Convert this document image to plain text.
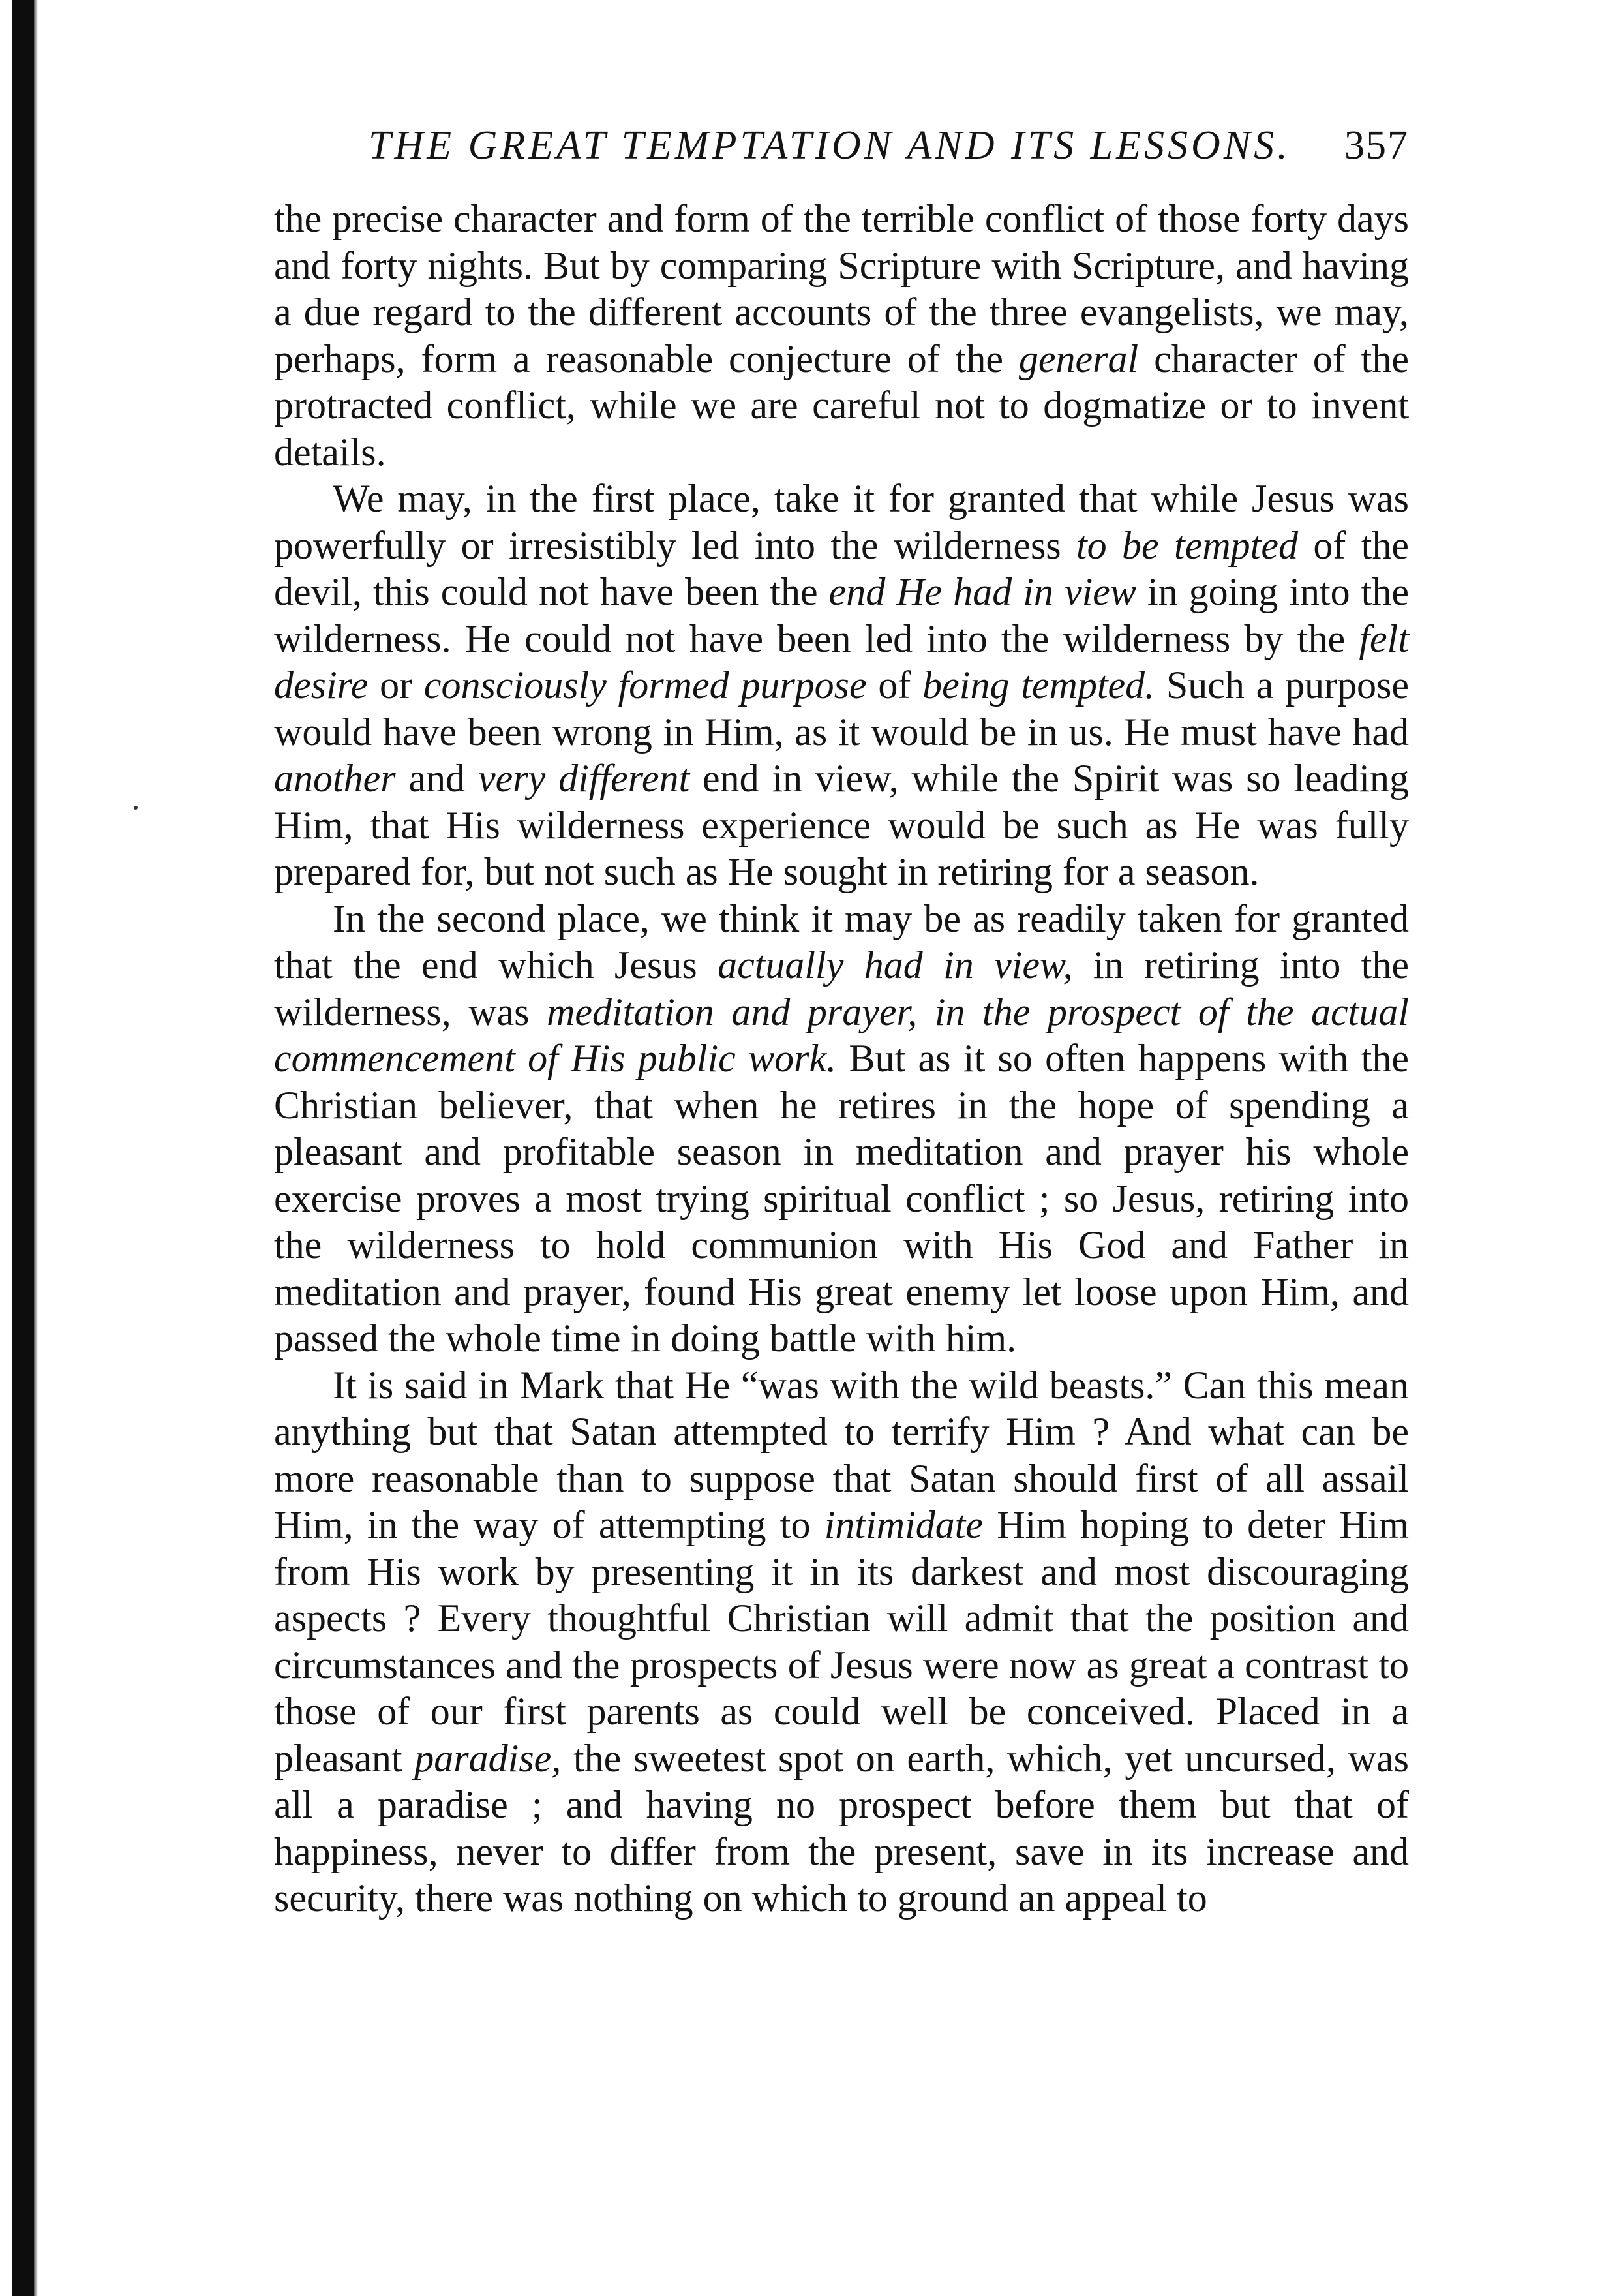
THE GREAT TEMPTATION AND ITS LESSONS. 357

the precise character and form of the terrible conflict of those forty days and forty nights. But by comparing Scripture with Scripture, and having a due regard to the different accounts of the three evangelists, we may, perhaps, form a reasonable conjecture of the general character of the protracted conflict, while we are careful not to dogmatize or to invent details.

We may, in the first place, take it for granted that while Jesus was powerfully or irresistibly led into the wilderness to be tempted of the devil, this could not have been the end He had in view in going into the wilderness. He could not have been led into the wilderness by the felt desire or consciously formed purpose of being tempted. Such a purpose would have been wrong in Him, as it would be in us. He must have had another and very different end in view, while the Spirit was so leading Him, that His wilderness experience would be such as He was fully prepared for, but not such as He sought in retiring for a season.

In the second place, we think it may be as readily taken for granted that the end which Jesus actually had in view, in retiring into the wilderness, was meditation and prayer, in the prospect of the actual commencement of His public work. But as it so often happens with the Christian believer, that when he retires in the hope of spending a pleasant and profitable season in meditation and prayer his whole exercise proves a most trying spiritual conflict ; so Jesus, retiring into the wilderness to hold communion with His God and Father in meditation and prayer, found His great enemy let loose upon Him, and passed the whole time in doing battle with him.

It is said in Mark that He “was with the wild beasts.” Can this mean anything but that Satan attempted to terrify Him ? And what can be more reasonable than to suppose that Satan should first of all assail Him, in the way of attempting to intimidate Him hoping to deter Him from His work by presenting it in its darkest and most discouraging aspects ? Every thoughtful Christian will admit that the position and circumstances and the prospects of Jesus were now as great a contrast to those of our first parents as could well be conceived. Placed in a pleasant paradise, the sweetest spot on earth, which, yet uncursed, was all a paradise ; and having no prospect before them but that of happiness, never to differ from the present, save in its increase and security, there was nothing on which to ground an appeal to
